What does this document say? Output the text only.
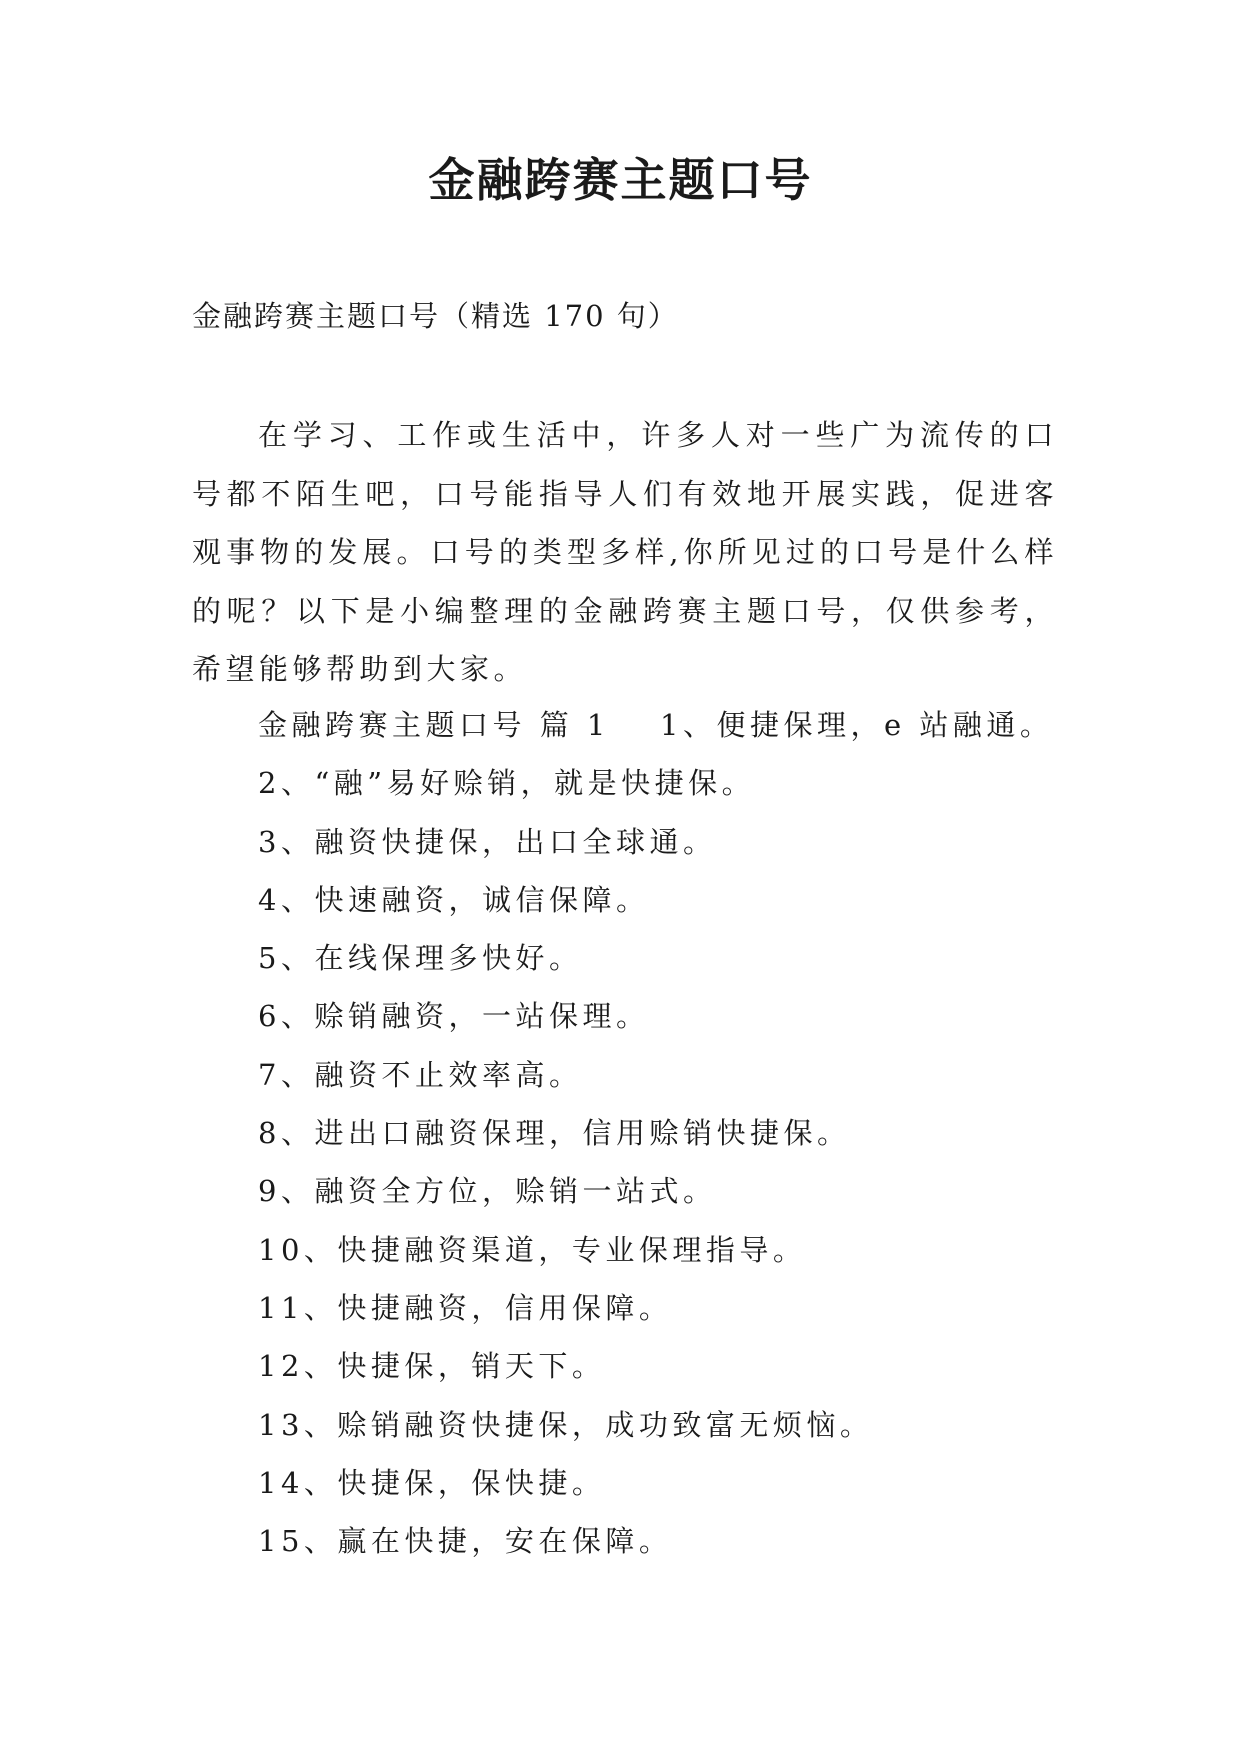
金融跨赛主题口号

金融跨赛主题口号（精选 170 句）

在学习、工作或生活中，许多人对一些广为流传的口号都不陌生吧，口号能指导人们有效地开展实践，促进客观事物的发展。口号的类型多样,你所见过的口号是什么样的呢？以下是小编整理的金融跨赛主题口号，仅供参考，希望能够帮助到大家。

金融跨赛主题口号 篇 1 1、便捷保理，e 站融通。
2、“融”易好赊销，就是快捷保。
3、融资快捷保，出口全球通。
4、快速融资，诚信保障。
5、在线保理多快好。
6、赊销融资，一站保理。
7、融资不止效率高。
8、进出口融资保理，信用赊销快捷保。
9、融资全方位，赊销一站式。
10、快捷融资渠道，专业保理指导。
11、快捷融资，信用保障。
12、快捷保，销天下。
13、赊销融资快捷保，成功致富无烦恼。
14、快捷保，保快捷。
15、赢在快捷，安在保障。
